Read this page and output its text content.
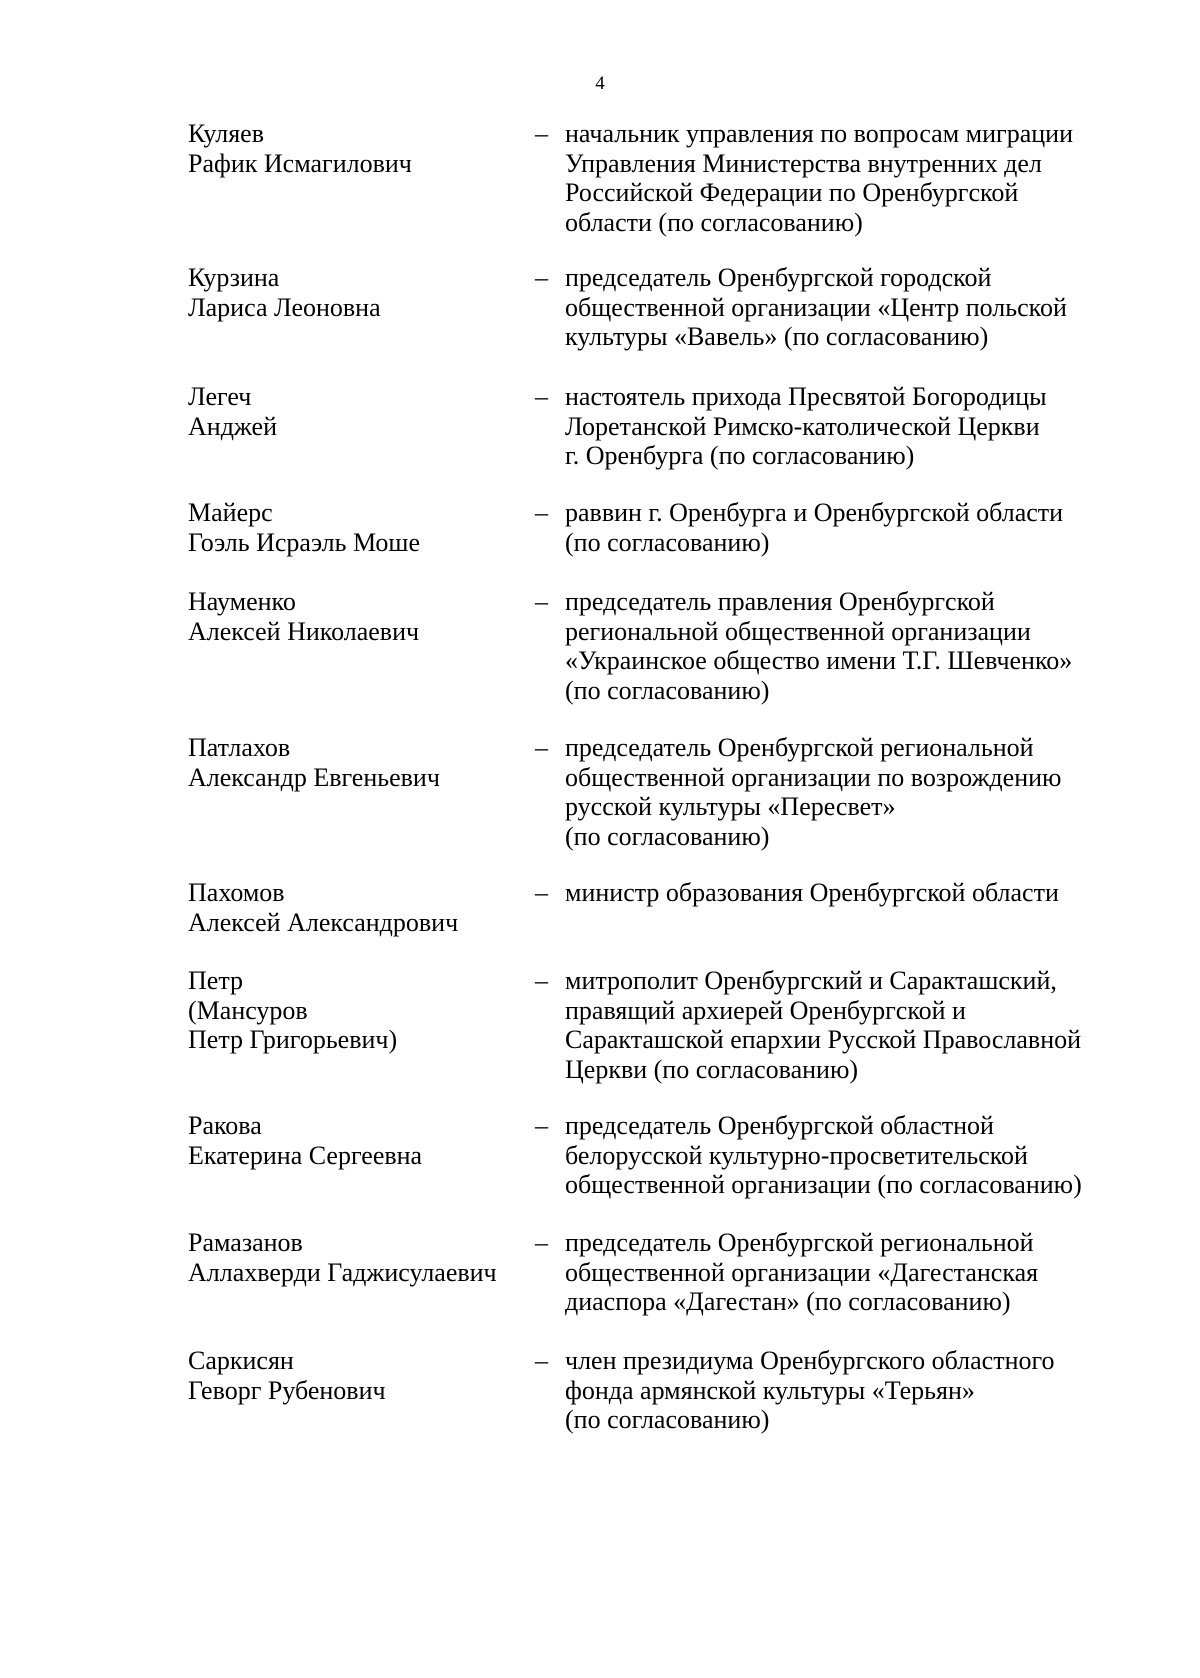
4
Куляев
Рафик Исмагилович
– начальник управления по вопросам миграции
Управления Министерства внутренних дел
Российской Федерации по Оренбургской
области (по согласованию)
Курзина
Лариса Леоновна
– председатель Оренбургской городской
общественной организации «Центр польской
культуры «Вавель» (по согласованию)
Легеч
Анджей
– настоятель прихода Пресвятой Богородицы
Лоретанской Римско-католической Церкви
г. Оренбурга (по согласованию)
Майерс
Гоэль Исраэль Моше
– раввин г. Оренбурга и Оренбургской области
(по согласованию)
Науменко
Алексей Николаевич
– председатель правления Оренбургской
региональной общественной организации
«Украинское общество имени Т.Г. Шевченко»
(по согласованию)
Патлахов
Александр Евгеньевич
– председатель Оренбургской региональной
общественной организации по возрождению
русской культуры «Пересвет»
(по согласованию)
Пахомов
Алексей Александрович
– министр образования Оренбургской области
Петр
(Мансуров
Петр Григорьевич)
– митрополит Оренбургский и Саракташский,
правящий архиерей Оренбургской и
Саракташской епархии Русской Православной
Церкви (по согласованию)
Ракова
Екатерина Сергеевна
– председатель Оренбургской областной
белорусской культурно-просветительской
общественной организации (по согласованию)
Рамазанов
Аллахверди Гаджисулаевич
– председатель Оренбургской региональной
общественной организации «Дагестанская
диаспора «Дагестан» (по согласованию)
Саркисян
Геворг Рубенович
– член президиума Оренбургского областного
фонда армянской культуры «Терьян»
(по согласованию)
